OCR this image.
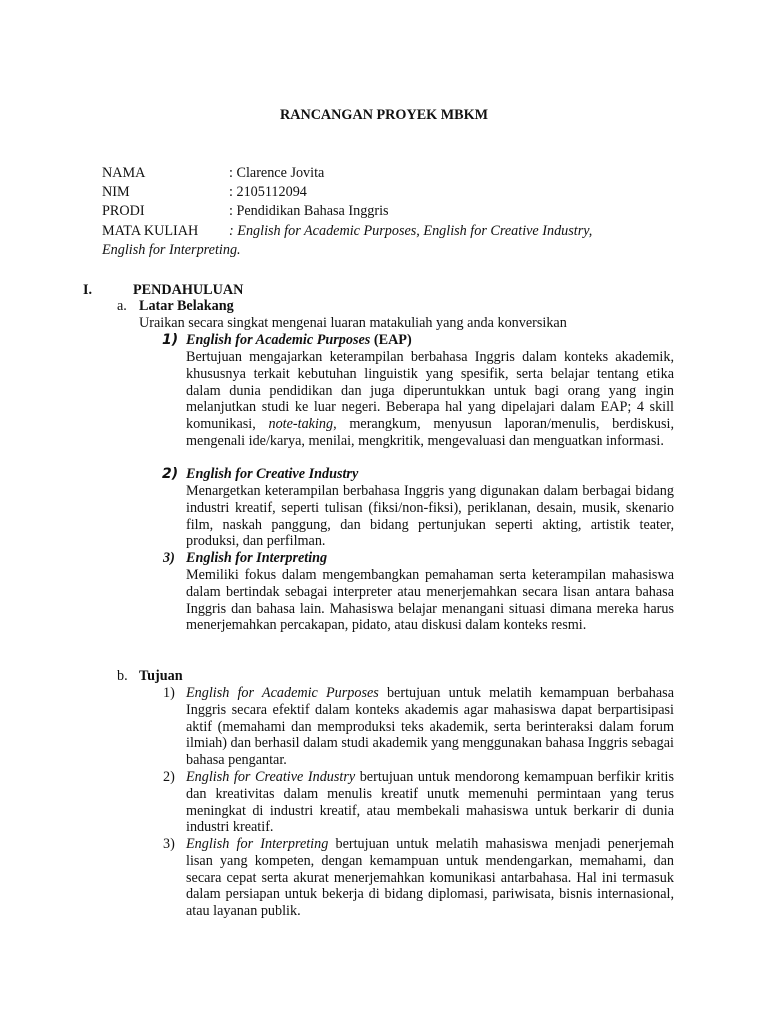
RANCANGAN PROYEK MBKM
NAMA	: Clarence Jovita
NIM	: 2105112094
PRODI	: Pendidikan Bahasa Inggris
MATA KULIAH : English for Academic Purposes, English for Creative Industry,
English for Interpreting.
I.	PENDAHULUAN
a. Latar Belakang
Uraikan secara singkat mengenai luaran matakuliah yang anda konversikan
1) English for Academic Purposes (EAP)
Bertujuan mengajarkan keterampilan berbahasa Inggris dalam konteks akademik, khususnya terkait kebutuhan linguistik yang spesifik, serta belajar tentang etika dalam dunia pendidikan dan juga diperuntukkan untuk bagi orang yang ingin melanjutkan studi ke luar negeri. Beberapa hal yang dipelajari dalam EAP; 4 skill komunikasi, note-taking, merangkum, menyusun laporan/menulis, berdiskusi, mengenali ide/karya, menilai, mengkritik, mengevaluasi dan menguatkan informasi.
2) English for Creative Industry
Menargetkan keterampilan berbahasa Inggris yang digunakan dalam berbagai bidang industri kreatif, seperti tulisan (fiksi/non-fiksi), periklanan, desain, musik, skenario film, naskah panggung, dan bidang pertunjukan seperti akting, artistik teater, produksi, dan perfilman.
3) English for Interpreting
Memiliki fokus dalam mengembangkan pemahaman serta keterampilan mahasiswa dalam bertindak sebagai interpreter atau menerjemahkan secara lisan antara bahasa Inggris dan bahasa lain. Mahasiswa belajar menangani situasi dimana mereka harus menerjemahkan percakapan, pidato, atau diskusi dalam konteks resmi.
b. Tujuan
1) English for Academic Purposes bertujuan untuk melatih kemampuan berbahasa Inggris secara efektif dalam konteks akademis agar mahasiswa dapat berpartisipasi aktif (memahami dan memproduksi teks akademik, serta berinteraksi dalam forum ilmiah) dan berhasil dalam studi akademik yang menggunakan bahasa Inggris sebagai bahasa pengantar.
2) English for Creative Industry bertujuan untuk mendorong kemampuan berfikir kritis dan kreativitas dalam menulis kreatif unutk memenuhi permintaan yang terus meningkat di industri kreatif, atau membekali mahasiswa untuk berkarir di dunia industri kreatif.
3) English for Interpreting bertujuan untuk melatih mahasiswa menjadi penerjemah lisan yang kompeten, dengan kemampuan untuk mendengarkan, memahami, dan secara cepat serta akurat menerjemahkan komunikasi antarbahasa. Hal ini termasuk dalam persiapan untuk bekerja di bidang diplomasi, pariwisata, bisnis internasional, atau layanan publik.
